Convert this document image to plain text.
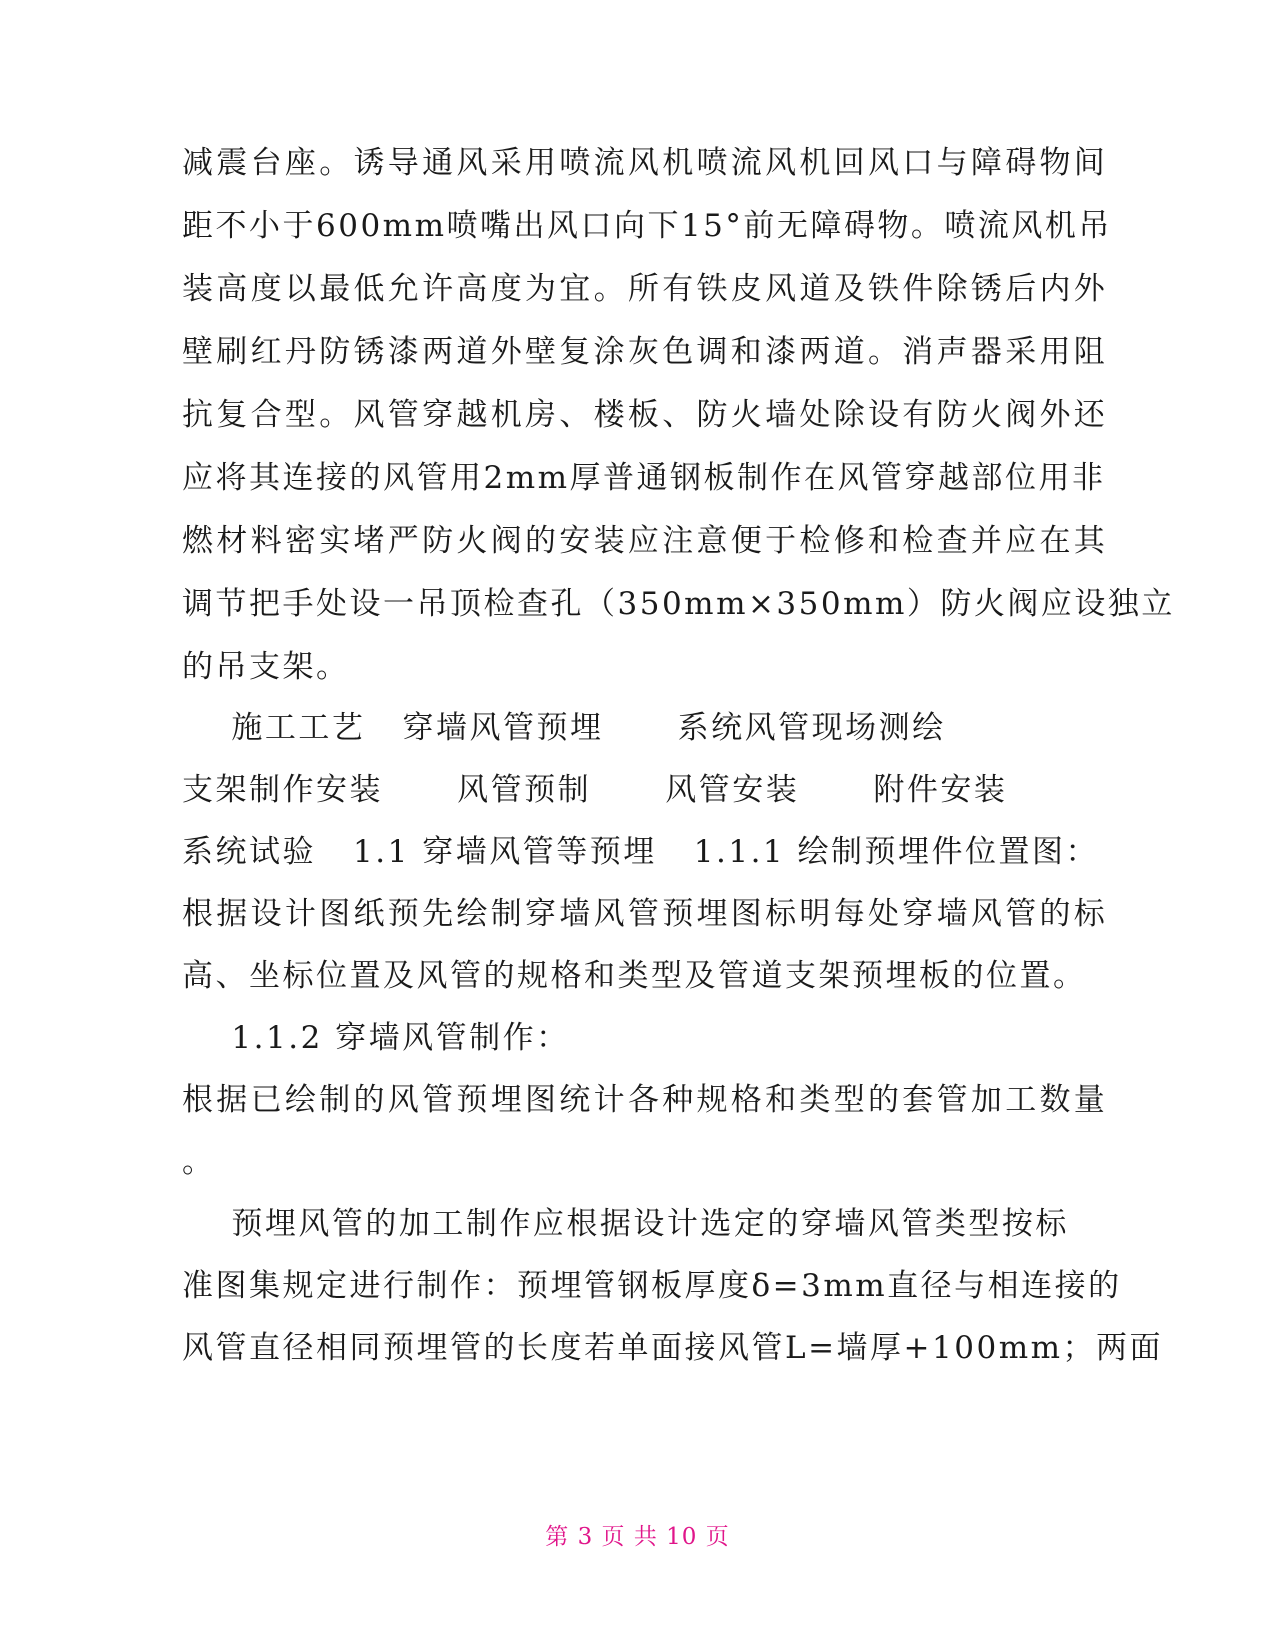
减震台座。诱导通风采用喷流风机喷流风机回风口与障碍物间
距不小于600mm喷嘴出风口向下15°前无障碍物。喷流风机吊
装高度以最低允许高度为宜。所有铁皮风道及铁件除锈后内外
壁刷红丹防锈漆两道外壁复涂灰色调和漆两道。消声器采用阻
抗复合型。风管穿越机房、楼板、防火墙处除设有防火阀外还
应将其连接的风管用2mm厚普通钢板制作在风管穿越部位用非
燃材料密实堵严防火阀的安装应注意便于检修和检查并应在其
调节把手处设一吊顶检查孔（350mm×350mm）防火阀应设独立
的吊支架。
施工工艺   穿墙风管预埋      系统风管现场测绘
支架制作安装      风管预制      风管安装      附件安装
系统试验   1.1 穿墙风管等预埋   1.1.1 绘制预埋件位置图：
根据设计图纸预先绘制穿墙风管预埋图标明每处穿墙风管的标
高、坐标位置及风管的规格和类型及管道支架预埋板的位置。
1.1.2 穿墙风管制作：
根据已绘制的风管预埋图统计各种规格和类型的套管加工数量
。
预埋风管的加工制作应根据设计选定的穿墙风管类型按标
准图集规定进行制作：预埋管钢板厚度δ=3mm直径与相连接的
风管直径相同预埋管的长度若单面接风管L=墙厚+100mm；两面
第 3 页 共 10 页
